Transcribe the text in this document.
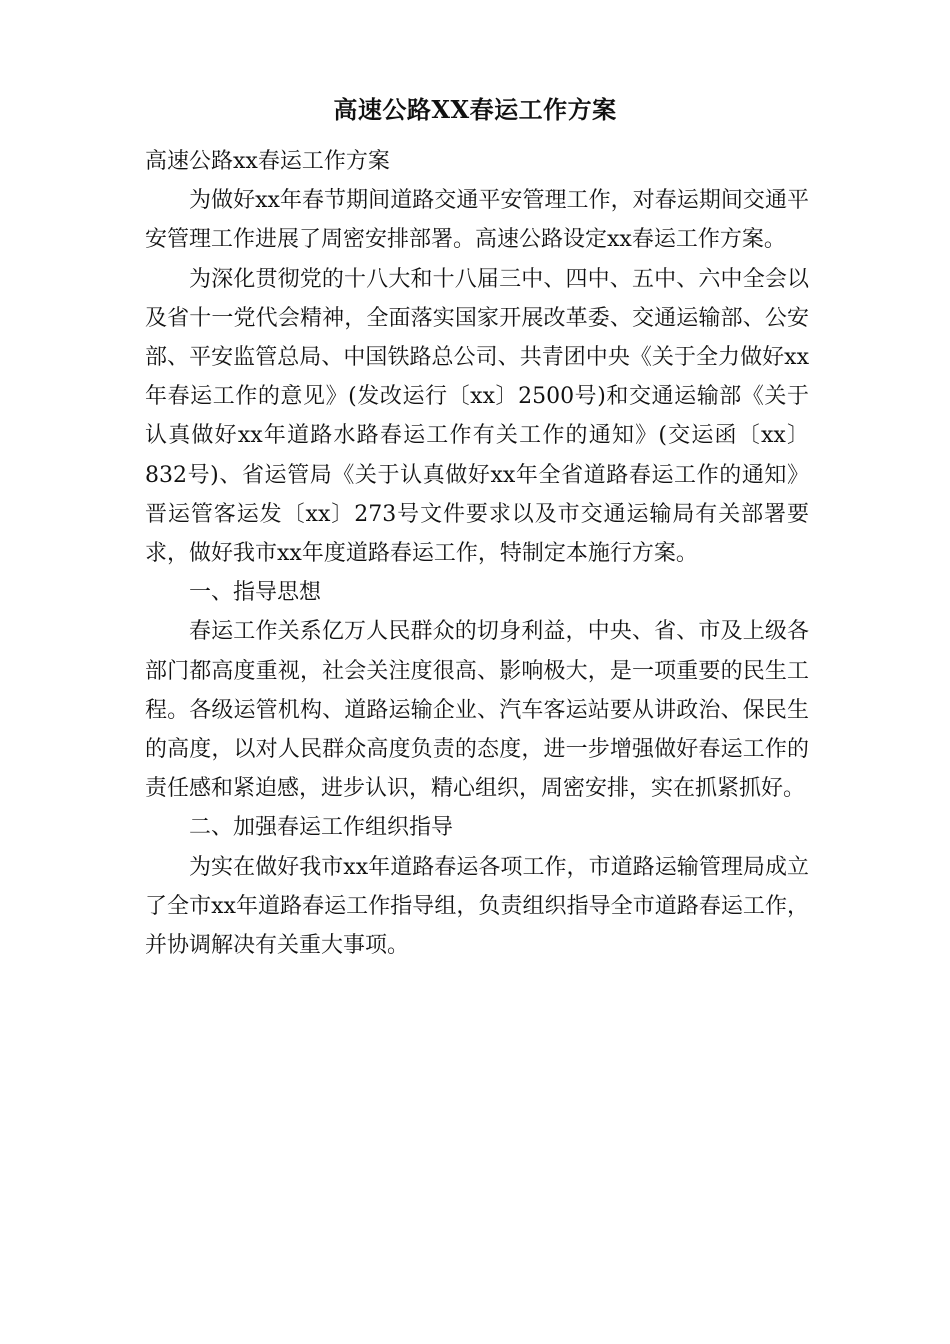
高速公路XX春运工作方案

高速公路xx春运工作方案

为做好xx年春节期间道路交通平安管理工作，对春运期间交通平安管理工作进展了周密安排部署。高速公路设定xx春运工作方案。

为深化贯彻党的十八大和十八届三中、四中、五中、六中全会以及省十一党代会精神，全面落实国家开展改革委、交通运输部、公安部、平安监管总局、中国铁路总公司、共青团中央《关于全力做好xx年春运工作的意见》(发改运行〔xx〕2500号)和交通运输部《关于认真做好xx年道路水路春运工作有关工作的通知》(交运函〔xx〕832号)、省运管局《关于认真做好xx年全省道路春运工作的通知》晋运管客运发〔xx〕273号文件要求以及市交通运输局有关部署要求，做好我市xx年度道路春运工作，特制定本施行方案。

一、指导思想

春运工作关系亿万人民群众的切身利益，中央、省、市及上级各部门都高度重视，社会关注度很高、影响极大，是一项重要的民生工程。各级运管机构、道路运输企业、汽车客运站要从讲政治、保民生的高度，以对人民群众高度负责的态度，进一步增强做好春运工作的责任感和紧迫感，进步认识，精心组织，周密安排，实在抓紧抓好。

二、加强春运工作组织指导

为实在做好我市xx年道路春运各项工作，市道路运输管理局成立了全市xx年道路春运工作指导组，负责组织指导全市道路春运工作，并协调解决有关重大事项。
